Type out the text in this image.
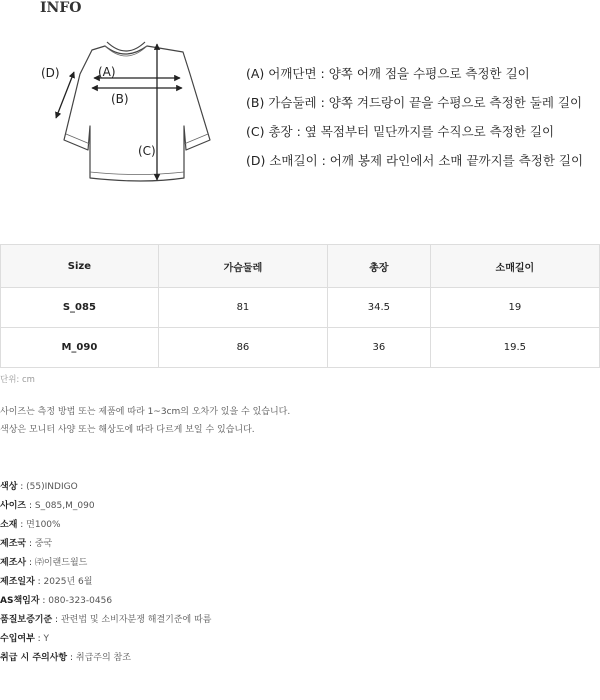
INFO
(A)
(B)
(C)
(D)	(A) 어깨단면 : 양쪽 어깨 점을 수평으로 측정한 길이
(B) 가슴둘레 : 양쪽 겨드랑이 끝을 수평으로 측정한 둘레 길이
(C) 총장 : 옆 목점부터 밑단까지를 수직으로 측정한 길이
(D) 소매길이 : 어깨 봉제 라인에서 소매 끝까지를 측정한 길이
Size	가슴둘레	총장	소매길이
S_085	81	34.5	19
M_090	86	36	19.5
단위: cm
사이즈는 측정 방법 또는 제품에 따라 1~3cm의 오차가 있을 수 있습니다.
색상은 모니터 사양 또는 해상도에 따라 다르게 보일 수 있습니다.
색상 : (55)INDIGO
사이즈 : S_085,M_090
소재 : 면100%
제조국 : 중국
제조사 : ㈜이랜드월드
제조일자 : 2025년 6월
AS책임자 : 080-323-0456
품질보증기준 : 관련법 및 소비자분쟁 해결기준에 따름
수입여부 : Y
취급 시 주의사항 : 취급주의 참조
